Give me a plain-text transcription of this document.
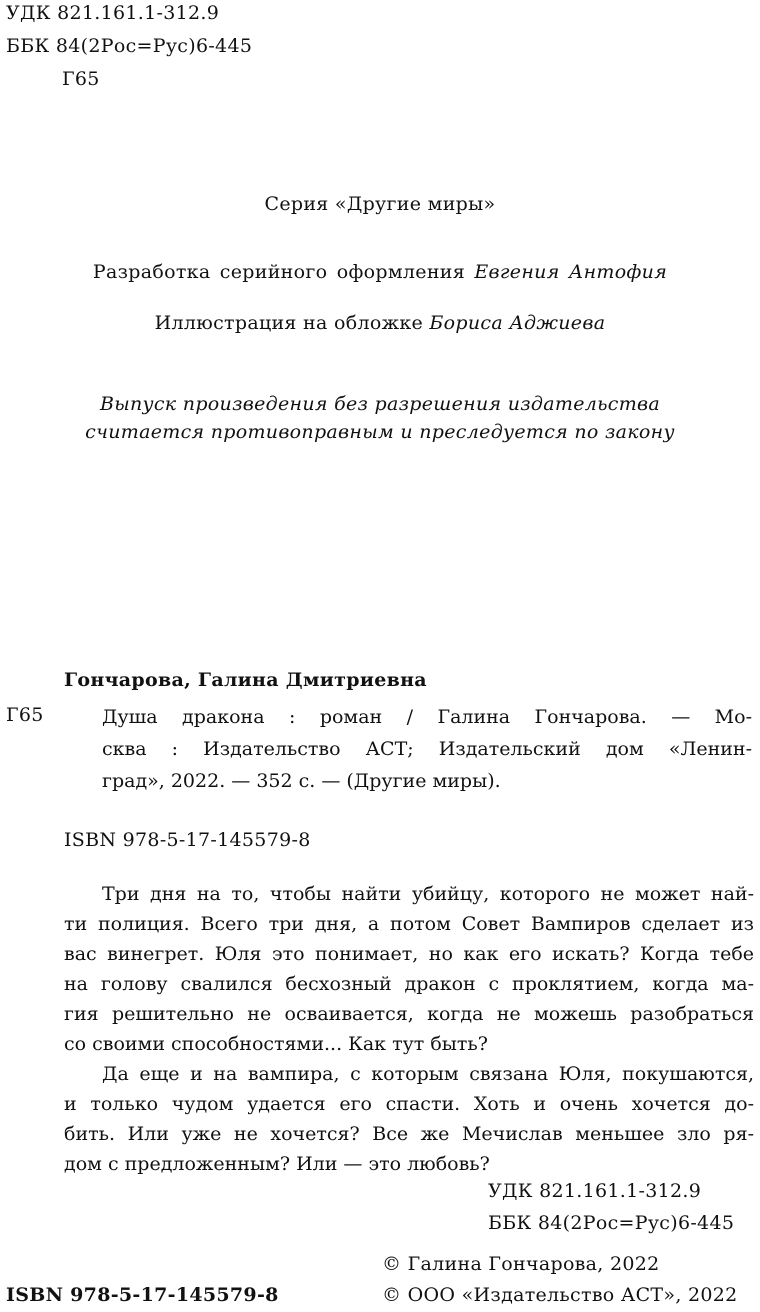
УДК 821.161.1-312.9
ББК 84(2Рос=Рус)6-445
Г65
Серия «Другие миры»
Разработка серийного оформления Евгения Антофия
Иллюстрация на обложке Бориса Аджиева
Выпуск произведения без разрешения издательства
считается противоправным и преследуется по закону
Гончарова, Галина Дмитриевна
Г65	Душа дракона : роман / Галина Гончарова. — Мо-
сква : Издательство АСТ; Издательский дом «Ленин-
град», 2022. — 352 с. — (Другие миры).
ISBN 978-5-17-145579-8
Три дня на то, чтобы найти убийцу, которого не может най-
ти полиция. Всего три дня, а потом Совет Вампиров сделает из
вас винегрет. Юля это понимает, но как его искать? Когда тебе
на голову свалился бесхозный дракон с проклятием, когда ма-
гия решительно не осваивается, когда не можешь разобраться
со своими способностями... Как тут быть?
Да еще и на вампира, с которым связана Юля, покушаются,
и только чудом удается его спасти. Хоть и очень хочется до-
бить. Или уже не хочется? Все же Мечислав меньшее зло ря-
дом с предложенным? Или — это любовь?
УДК 821.161.1-312.9
ББК 84(2Рос=Рус)6-445
© Галина Гончарова, 2022
ISBN 978-5-17-145579-8	© ООО «Издательство АСТ», 2022
